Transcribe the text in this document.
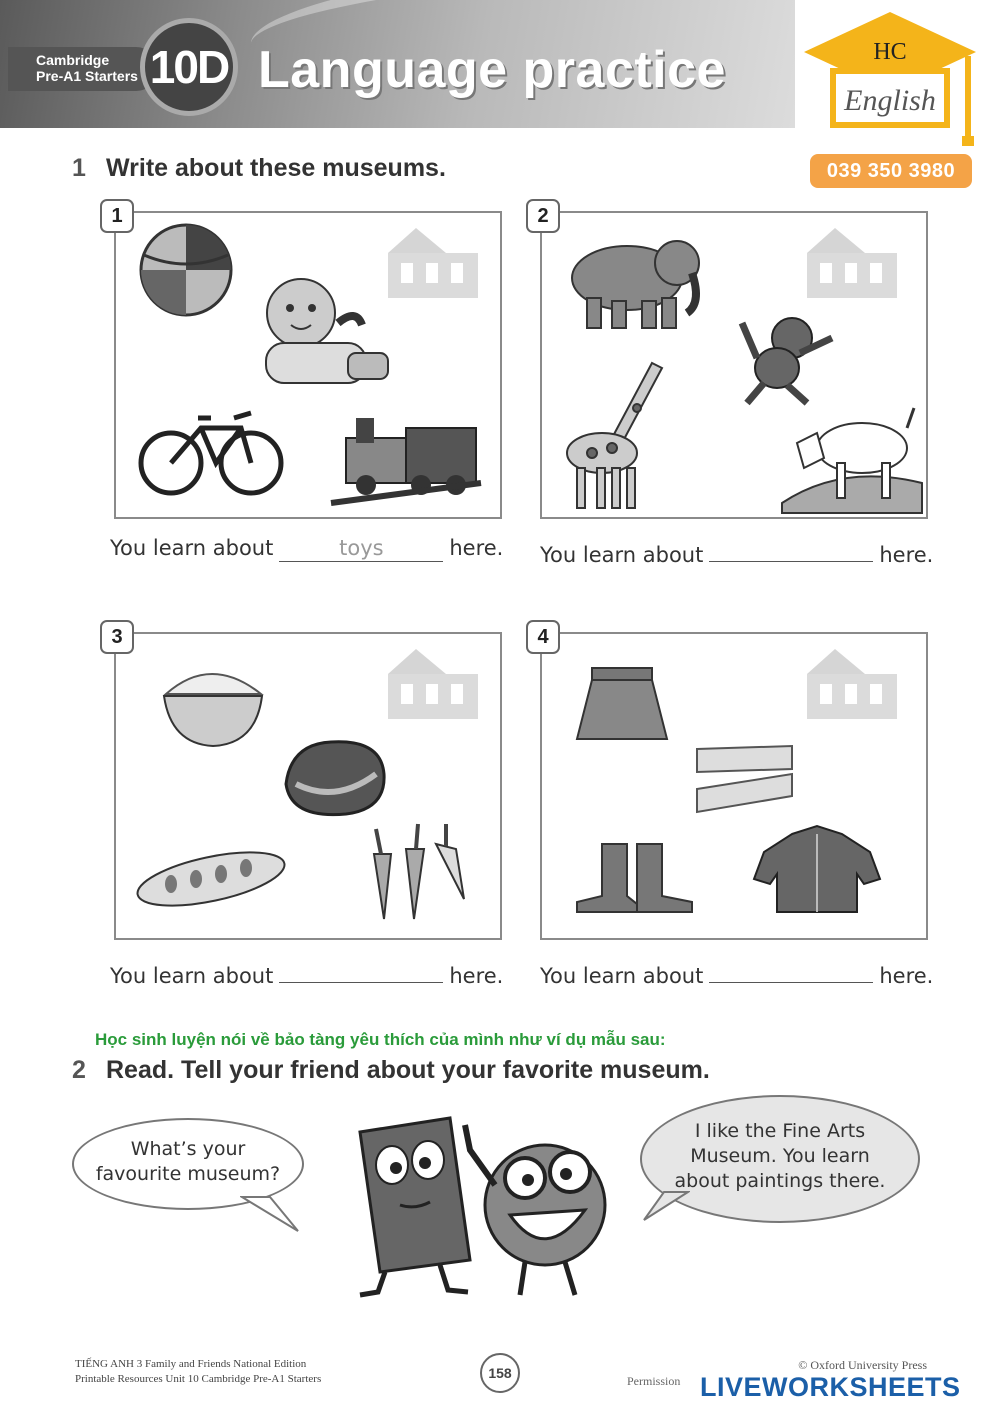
Cambridge
Pre-A1 Starters 10D Language practice	HC
English
039 350 3980
1 Write about these museums.
1
You learn about	toys	here.
2
You learn about	here.
3
You learn about	here.
4
You learn about	here.
Học sinh luyện nói về bảo tàng yêu thích của mình như ví dụ mẫu sau:
2 Read. Tell your friend about your favorite museum.
What’s your
favourite museum?
I like the Fine Arts
Museum. You learn
about paintings there.
TIẾNG ANH 3 Family and Friends National Edition
Printable Resources Unit 10 Cambridge Pre-A1 Starters	158	© Oxford University Press
Permission LIVEWORKSHEETS
